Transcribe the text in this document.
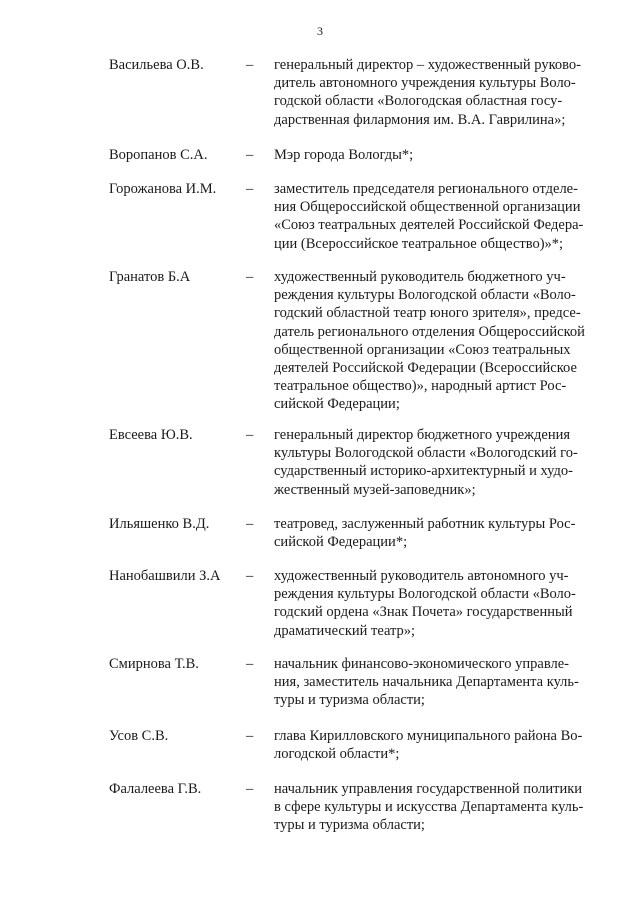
3
Васильева О.В.	– генеральный директор – художественный руково-
дитель автономного учреждения культуры Воло-
годской области «Вологодская областная госу-
дарственная филармония им. В.А. Гаврилина»;
Воропанов С.А.	– Мэр города Вологды*;
Горожанова И.М. – заместитель председателя регионального отделе-
ния Общероссийской общественной организации
«Союз театральных деятелей Российской Федера-
ции (Всероссийское театральное общество)»*;
Гранатов Б.А	– художественный руководитель бюджетного уч-
реждения культуры Вологодской области «Воло-
годский областной театр юного зрителя», предсе-
датель регионального отделения Общероссийской
общественной организации «Союз театральных
деятелей Российской Федерации (Всероссийское
театральное общество)», народный артист Рос-
сийской Федерации;
Евсеева Ю.В.	– генеральный директор бюджетного учреждения
культуры Вологодской области «Вологодский го-
сударственный историко-архитектурный и худо-
жественный музей-заповедник»;
Ильяшенко В.Д.	– театровед, заслуженный работник культуры Рос-
сийской Федерации*;
Нанобашвили З.А – художественный руководитель автономного уч-
реждения культуры Вологодской области «Воло-
годский ордена «Знак Почета» государственный
драматический театр»;
Смирнова Т.В.	– начальник финансово-экономического управле-
ния, заместитель начальника Департамента куль-
туры и туризма области;
Усов С.В.	– глава Кирилловского муниципального района Во-
логодской области*;
Фалалеева Г.В.	– начальник управления государственной политики
в сфере культуры и искусства Департамента куль-
туры и туризма области;
